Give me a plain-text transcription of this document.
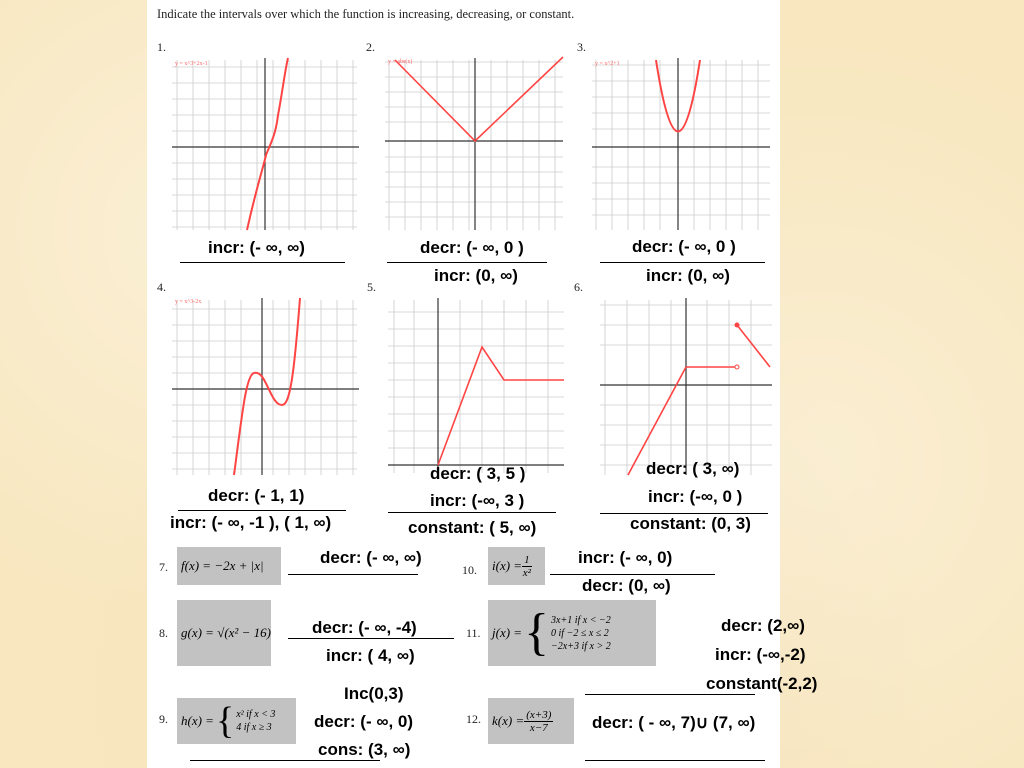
Indicate the intervals over which the function is increasing, decreasing, or constant.
1.	2.	3.
4.	5.	6.
7.
8.
9.
10.
11.
12.
y = x^3+2x-1	y = abs(x)	y = x^2+1
y = x^3-2x
incr: (- ∞, ∞)	decr: (- ∞, 0 )
incr: (0, ∞)
decr: (- ∞, 0 )
incr: (0, ∞)
decr: (- 1, 1)
incr: (- ∞, -1 ), ( 1, ∞)
decr: ( 3, 5 )
incr: (-∞, 3 )
constant: ( 5, ∞)
decr: ( 3, ∞)
incr: (-∞, 0 )
constant: (0, 3)
decr: (- ∞, ∞)	incr: (- ∞, 0)
decr: (0, ∞)
decr: (- ∞, -4)
incr: ( 4, ∞)
decr: (2,∞)
incr: (-∞,-2)
constant(-2,2)
Inc(0,3)
decr: (- ∞, 0)
cons: (3, ∞)
decr: ( - ∞, 7)∪ (7, ∞)
f(x) = −2x + |x|
g(x) = √(x² − 16)
h(x) = { x² if x < 3
4 if x ≥ 3
$i(x) = \frac{1}{\text{x²}}$
j(x) = { 3x+1 if x < −2
0 if −2 ≤ x ≤ 2
−2x+3 if x > 2
$k(x) = \frac{(x+3)}{x-7}$
